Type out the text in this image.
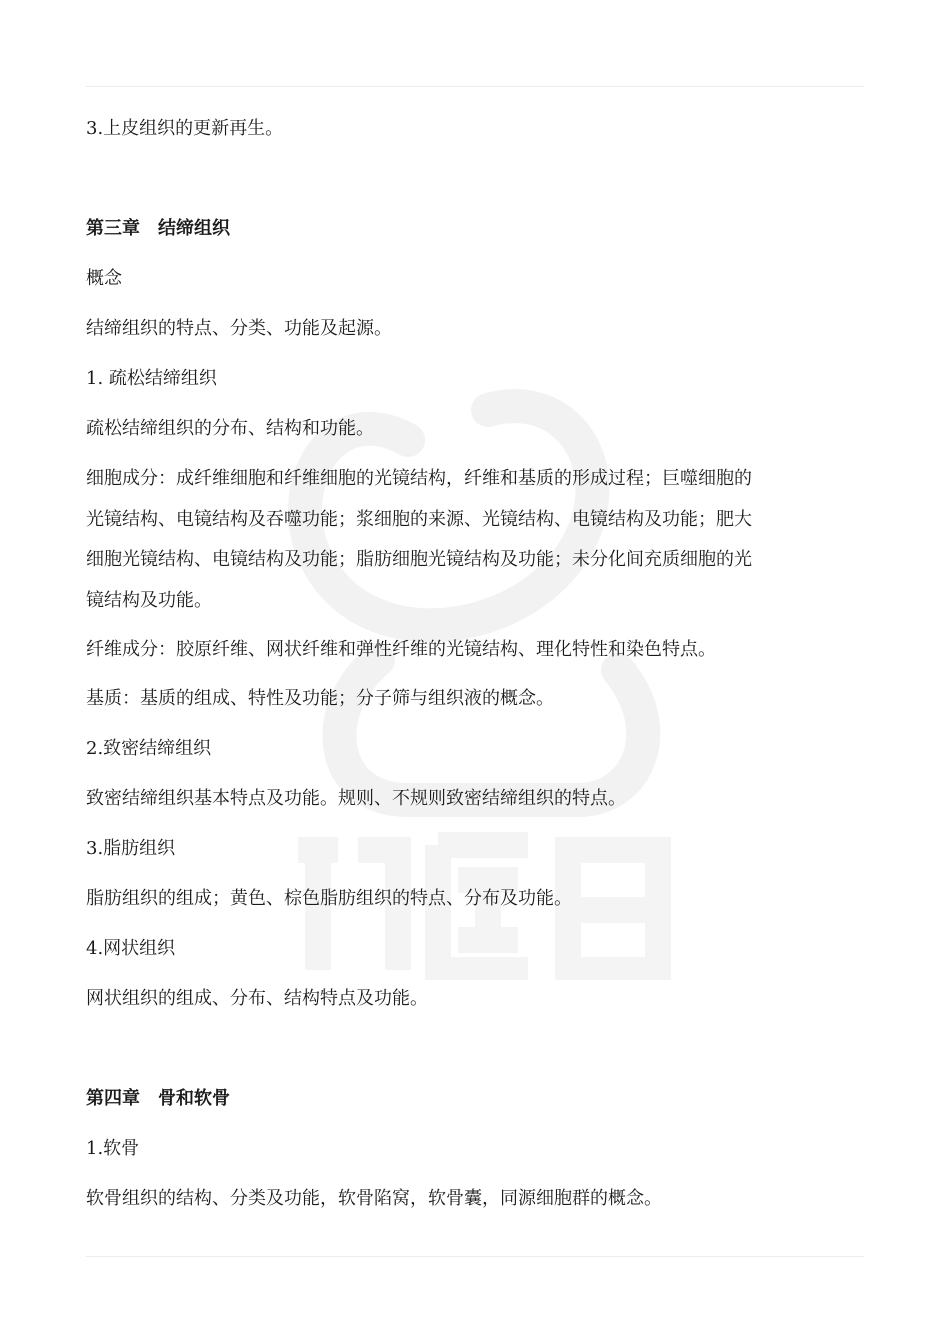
3.上皮组织的更新再生。
第三章　结缔组织
概念
结缔组织的特点、分类、功能及起源。
1. 疏松结缔组织
疏松结缔组织的分布、结构和功能。
细胞成分：成纤维细胞和纤维细胞的光镜结构，纤维和基质的形成过程；巨噬细胞的
光镜结构、电镜结构及吞噬功能；浆细胞的来源、光镜结构、电镜结构及功能；肥大
细胞光镜结构、电镜结构及功能；脂肪细胞光镜结构及功能；未分化间充质细胞的光
镜结构及功能。
纤维成分：胶原纤维、网状纤维和弹性纤维的光镜结构、理化特性和染色特点。
基质：基质的组成、特性及功能；分子筛与组织液的概念。
2.致密结缔组织
致密结缔组织基本特点及功能。规则、不规则致密结缔组织的特点。
3.脂肪组织
脂肪组织的组成；黄色、棕色脂肪组织的特点、分布及功能。
4.网状组织
网状组织的组成、分布、结构特点及功能。
第四章　骨和软骨
1.软骨
软骨组织的结构、分类及功能，软骨陷窝，软骨囊，同源细胞群的概念。
